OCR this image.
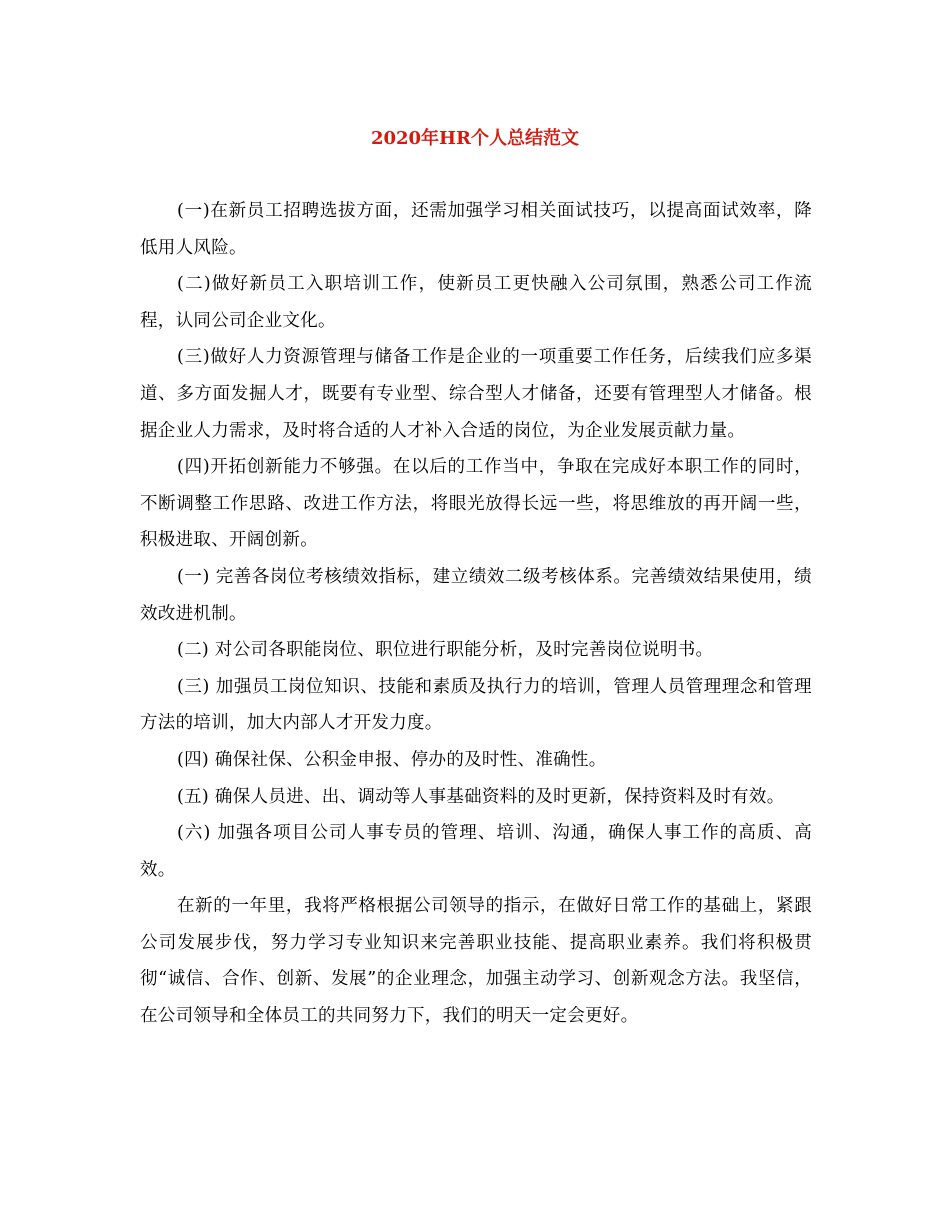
2020年HR个人总结范文

(一)在新员工招聘选拔方面，还需加强学习相关面试技巧，以提高面试效率，降低用人风险。

(二)做好新员工入职培训工作，使新员工更快融入公司氛围，熟悉公司工作流程，认同公司企业文化。

(三)做好人力资源管理与储备工作是企业的一项重要工作任务，后续我们应多渠道、多方面发掘人才，既要有专业型、综合型人才储备，还要有管理型人才储备。根据企业人力需求，及时将合适的人才补入合适的岗位，为企业发展贡献力量。

(四)开拓创新能力不够强。在以后的工作当中，争取在完成好本职工作的同时，不断调整工作思路、改进工作方法，将眼光放得长远一些，将思维放的再开阔一些，积极进取、开阔创新。

(一) 完善各岗位考核绩效指标，建立绩效二级考核体系。完善绩效结果使用，绩效改进机制。

(二) 对公司各职能岗位、职位进行职能分析，及时完善岗位说明书。

(三) 加强员工岗位知识、技能和素质及执行力的培训，管理人员管理理念和管理方法的培训，加大内部人才开发力度。

(四) 确保社保、公积金申报、停办的及时性、准确性。

(五) 确保人员进、出、调动等人事基础资料的及时更新，保持资料及时有效。

(六) 加强各项目公司人事专员的管理、培训、沟通，确保人事工作的高质、高效。

在新的一年里，我将严格根据公司领导的指示，在做好日常工作的基础上，紧跟公司发展步伐，努力学习专业知识来完善职业技能、提高职业素养。我们将积极贯彻“诚信、合作、创新、发展”的企业理念，加强主动学习、创新观念方法。我坚信，在公司领导和全体员工的共同努力下，我们的明天一定会更好。
